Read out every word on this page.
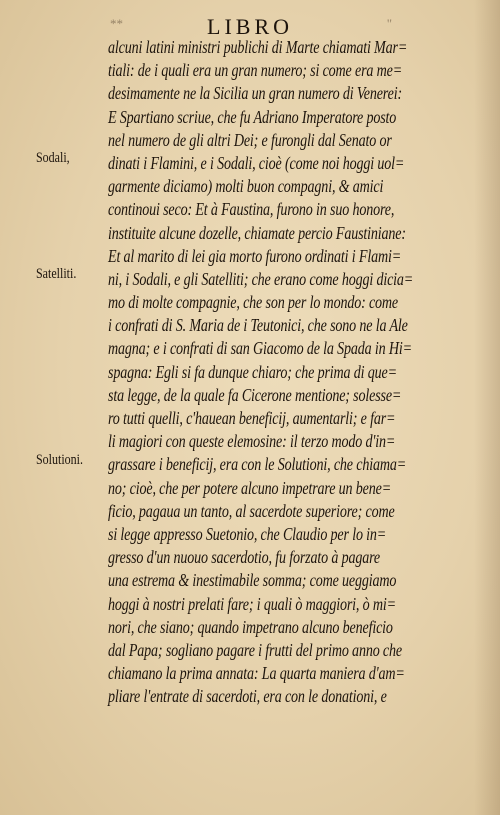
**	LIBRO	"
Sodali,
Satelliti.
Solutioni.
alcuni latini ministri publichi di Marte chiamati Mar=
tiali: de i quali era un gran numero; si come era me=
desimamente ne la Sicilia un gran numero di Venerei:
E Spartiano scriue, che fu Adriano Imperatore posto
nel numero de gli altri Dei; e furongli dal Senato or
dinati i Flamini, e i Sodali, cioè (come noi hoggi uol=
garmente diciamo) molti buon compagni, & amici
continoui seco: Et à Faustina, furono in suo honore,
instituite alcune dozelle, chiamate percio Faustiniane:
Et al marito di lei gia morto furono ordinati i Flami=
ni, i Sodali, e gli Satelliti; che erano come hoggi dicia=
mo di molte compagnie, che son per lo mondo: come
i confrati di S. Maria de i Teutonici, che sono ne la Ale
magna; e i confrati di san Giacomo de la Spada in Hi=
spagna: Egli si fa dunque chiaro; che prima di que=
sta legge, de la quale fa Cicerone mentione; solesse=
ro tutti quelli, c'hauean beneficij, aumentarli; e far=
li magiori con queste elemosine: il terzo modo d'in=
grassare i beneficij, era con le Solutioni, che chiama=
no; cioè, che per potere alcuno impetrare un bene=
ficio, pagaua un tanto, al sacerdote superiore; come
si legge appresso Suetonio, che Claudio per lo in=
gresso d'un nuouo sacerdotio, fu forzato à pagare
una estrema & inestimabile somma; come ueggiamo
hoggi à nostri prelati fare; i quali ò maggiori, ò mi=
nori, che siano; quando impetrano alcuno beneficio
dal Papa; sogliano pagare i frutti del primo anno che
chiamano la prima annata: La quarta maniera d'am=
pliare l'entrate di sacerdoti, era con le donationi, e
